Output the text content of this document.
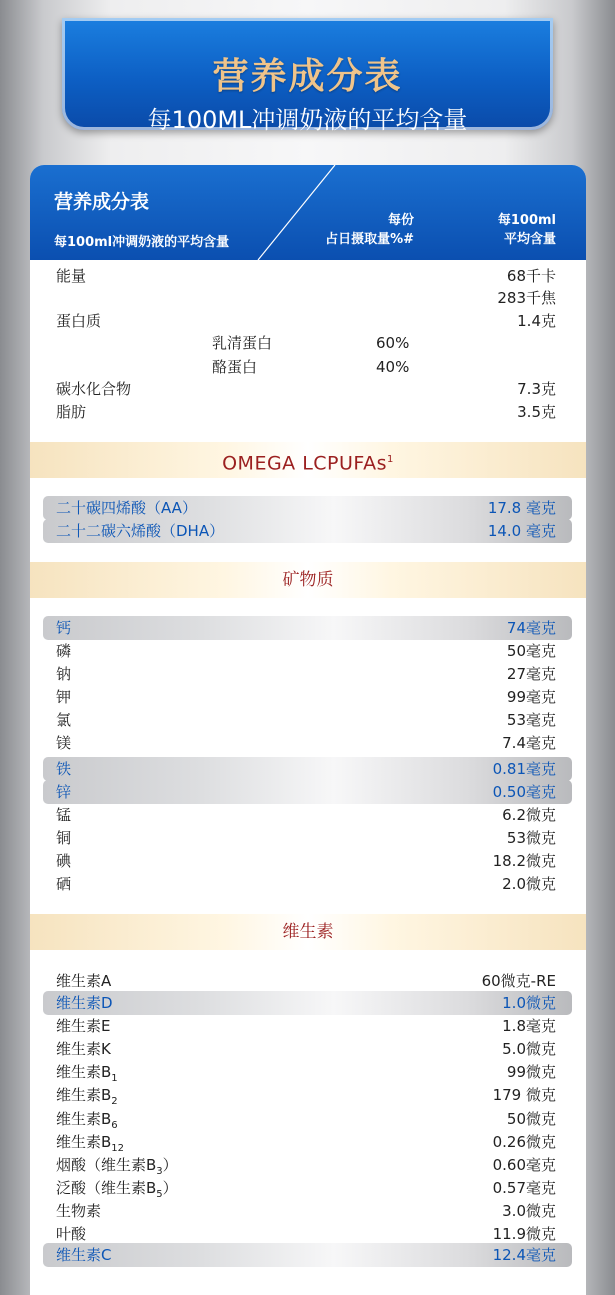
营养成分表
每100ML冲调奶液的平均含量
营养成分表
每100ml冲调奶液的平均含量
每份
占日摄取量%#
每100ml
平均含量
能量	68千卡
283千焦
蛋白质	1.4克
乳清蛋白	60%
酪蛋白	40%
碳水化合物	7.3克
脂肪	3.5克
OMEGA LCPUFAs$^1$
二十碳四烯酸（AA）	17.8 毫克
二十二碳六烯酸（DHA）	14.0 毫克
矿物质
钙	74毫克
磷	50毫克
钠	27毫克
钾	99毫克
氯	53毫克
镁	7.4毫克
铁	0.81毫克
锌	0.50毫克
锰	6.2微克
铜	53微克
碘	18.2微克
硒	2.0微克
维生素
维生素A	60微克-RE
维生素D	1.0微克
维生素E	1.8毫克
维生素K	5.0微克
维生素$B_1$	99微克
维生素$B_2$	179 微克
维生素$B_6$	50微克
维生素$B_{12}$	0.26微克
烟酸（维生素$B_3$）	0.60毫克
泛酸（维生素$B_5$）	0.57毫克
生物素	3.0微克
叶酸	11.9微克
维生素C	12.4毫克
